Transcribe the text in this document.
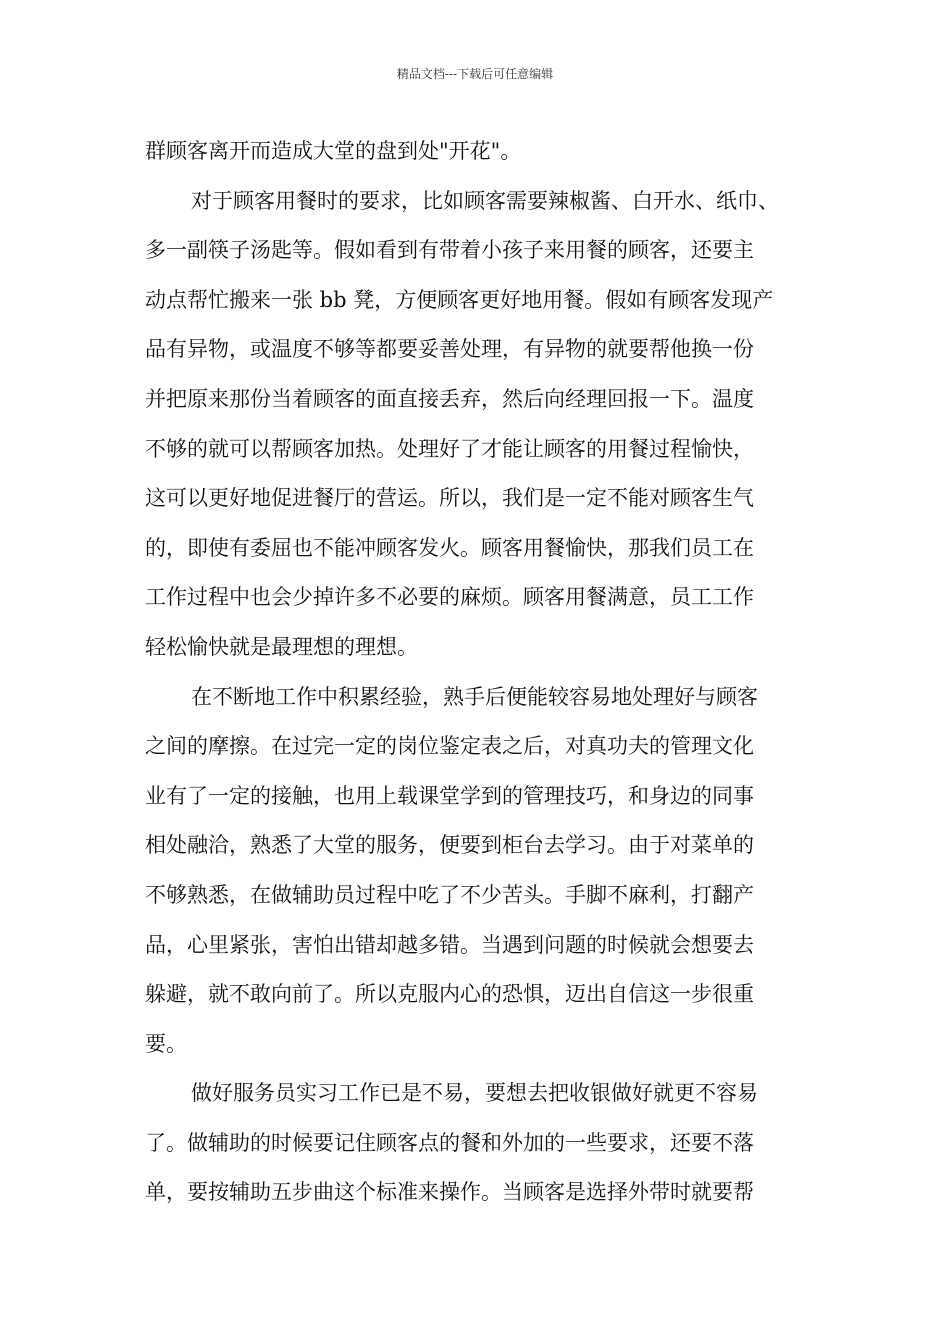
精品文档---下载后可任意编辑
群顾客离开而造成大堂的盘到处"开花"。
对于顾客用餐时的要求，比如顾客需要辣椒酱、白开水、纸巾、
多一副筷子汤匙等。假如看到有带着小孩子来用餐的顾客，还要主
动点帮忙搬来一张 bb 凳，方便顾客更好地用餐。假如有顾客发现产
品有异物，或温度不够等都要妥善处理，有异物的就要帮他换一份
并把原来那份当着顾客的面直接丢弃，然后向经理回报一下。温度
不够的就可以帮顾客加热。处理好了才能让顾客的用餐过程愉快，
这可以更好地促进餐厅的营运。所以，我们是一定不能对顾客生气
的，即使有委屈也不能冲顾客发火。顾客用餐愉快，那我们员工在
工作过程中也会少掉许多不必要的麻烦。顾客用餐满意，员工工作
轻松愉快就是最理想的理想。
在不断地工作中积累经验，熟手后便能较容易地处理好与顾客
之间的摩擦。在过完一定的岗位鉴定表之后，对真功夫的管理文化
业有了一定的接触，也用上载课堂学到的管理技巧，和身边的同事
相处融洽，熟悉了大堂的服务，便要到柜台去学习。由于对菜单的
不够熟悉，在做辅助员过程中吃了不少苦头。手脚不麻利，打翻产
品，心里紧张，害怕出错却越多错。当遇到问题的时候就会想要去
躲避，就不敢向前了。所以克服内心的恐惧，迈出自信这一步很重
要。
做好服务员实习工作已是不易，要想去把收银做好就更不容易
了。做辅助的时候要记住顾客点的餐和外加的一些要求，还要不落
单，要按辅助五步曲这个标准来操作。当顾客是选择外带时就要帮
